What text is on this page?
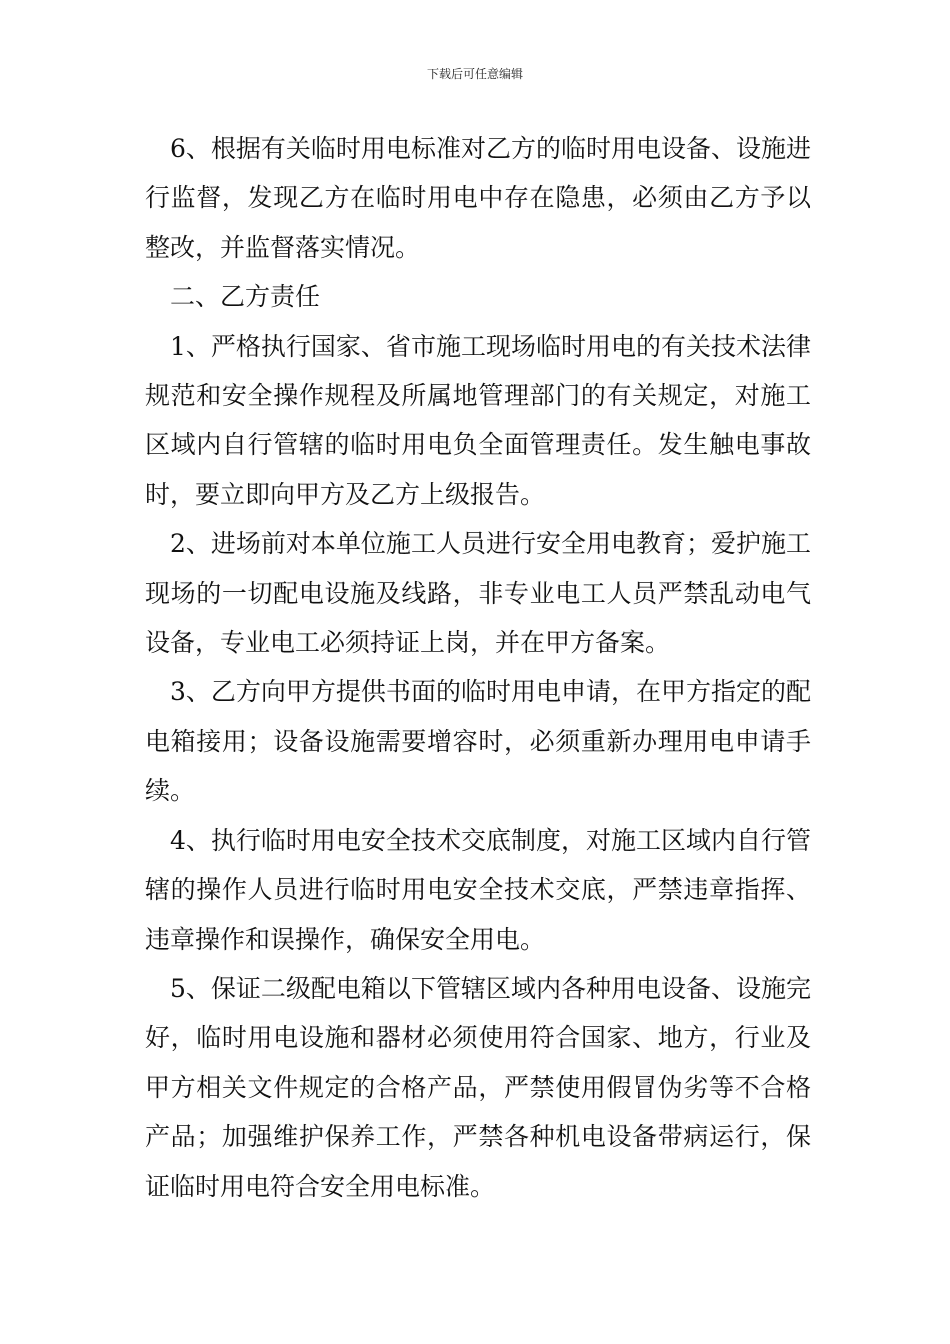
下载后可任意编辑

6、根据有关临时用电标准对乙方的临时用电设备、设施进行监督，发现乙方在临时用电中存在隐患，必须由乙方予以整改，并监督落实情况。

二、乙方责任

1、严格执行国家、省市施工现场临时用电的有关技术法律规范和安全操作规程及所属地管理部门的有关规定，对施工区域内自行管辖的临时用电负全面管理责任。发生触电事故时，要立即向甲方及乙方上级报告。

2、进场前对本单位施工人员进行安全用电教育；爱护施工现场的一切配电设施及线路，非专业电工人员严禁乱动电气设备，专业电工必须持证上岗，并在甲方备案。

3、乙方向甲方提供书面的临时用电申请，在甲方指定的配电箱接用；设备设施需要增容时，必须重新办理用电申请手续。

4、执行临时用电安全技术交底制度，对施工区域内自行管辖的操作人员进行临时用电安全技术交底，严禁违章指挥、违章操作和误操作，确保安全用电。

5、保证二级配电箱以下管辖区域内各种用电设备、设施完好，临时用电设施和器材必须使用符合国家、地方，行业及甲方相关文件规定的合格产品，严禁使用假冒伪劣等不合格产品；加强维护保养工作，严禁各种机电设备带病运行，保证临时用电符合安全用电标准。
